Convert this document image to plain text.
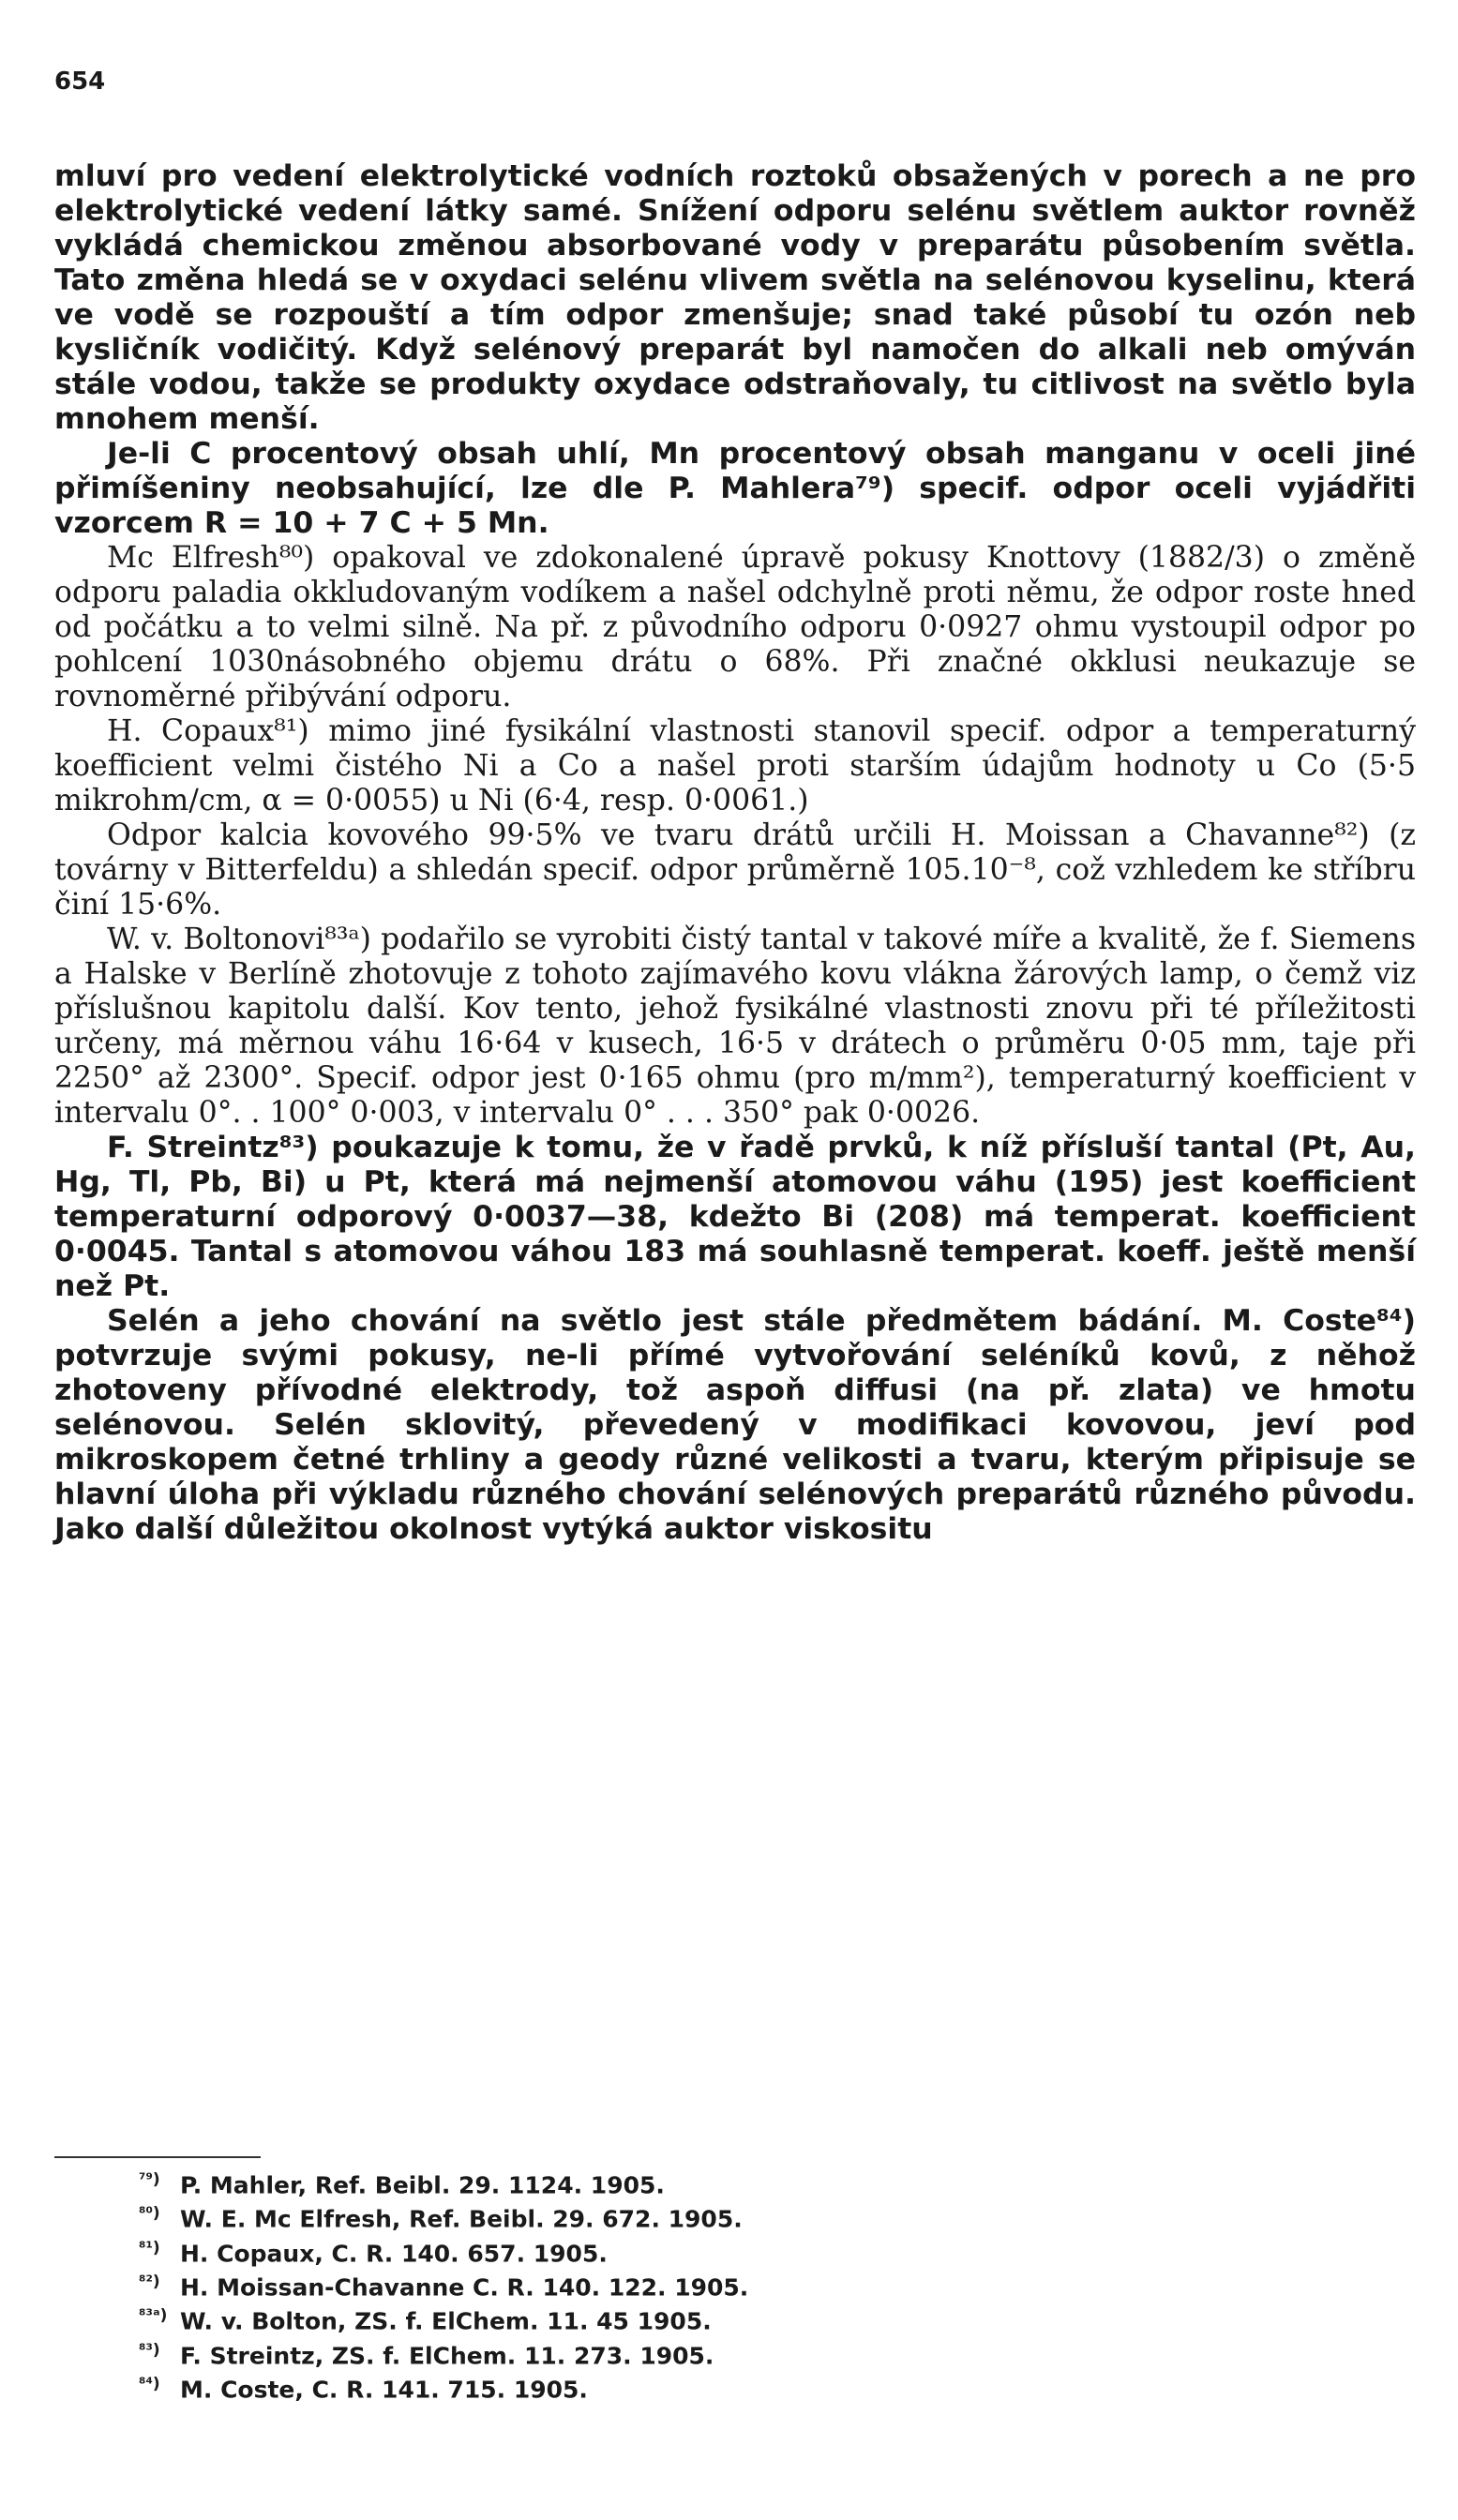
654

mluví pro vedení elektrolytické vodních roztoků obsažených v porech a ne pro elektrolytické vedení látky samé. Snížení odporu selénu světlem auktor rovněž vykládá chemickou změnou absorbované vody v preparátu působením světla. Tato změna hledá se v oxydaci selénu vlivem světla na selénovou kyselinu, která ve vodě se rozpouští a tím odpor zmenšuje; snad také působí tu ozón neb kysličník vodičitý. Když selénový preparát byl namočen do alkali neb omýván stále vodou, takže se produkty oxydace odstraňovaly, tu citlivost na světlo byla mnohem menší.

Je-li C procentový obsah uhlí, Mn procentový obsah manganu v oceli jiné přimíšeniny neobsahující, lze dle P. Mahlera⁷⁹) specif. odpor oceli vyjádřiti vzorcem R = 10 + 7 C + 5 Mn.

Mc Elfresh⁸⁰) opakoval ve zdokonalené úpravě pokusy Knottovy (1882/3) o změně odporu paladia okkludovaným vodíkem a našel odchylně proti němu, že odpor roste hned od počátku a to velmi silně. Na př. z původního odporu 0·0927 ohmu vystoupil odpor po pohlcení 1030násobného objemu drátu o 68%. Při značné okklusi neukazuje se rovnoměrné přibývání odporu.

H. Copaux⁸¹) mimo jiné fysikální vlastnosti stanovil specif. odpor a temperaturný koefficient velmi čistého Ni a Co a našel proti starším údajům hodnoty u Co (5·5 mikrohm/cm, α = 0·0055) u Ni (6·4, resp. 0·0061.)

Odpor kalcia kovového 99·5% ve tvaru drátů určili H. Moissan a Chavanne⁸²) (z továrny v Bitterfeldu) a shledán specif. odpor průměrně 105.10⁻⁸, což vzhledem ke stříbru činí 15·6%.

W. v. Boltonovi⁸³ᵃ) podařilo se vyrobiti čistý tantal v takové míře a kvalitě, že f. Siemens a Halske v Berlíně zhotovuje z tohoto zajímavého kovu vlákna žárových lamp, o čemž viz příslušnou kapitolu další. Kov tento, jehož fysikálné vlastnosti znovu při té příležitosti určeny, má měrnou váhu 16·64 v kusech, 16·5 v drátech o průměru 0·05 mm, taje při 2250° až 2300°. Specif. odpor jest 0·165 ohmu (pro m/mm²), temperaturný koefficient v intervalu 0°. . 100° 0·003, v intervalu 0° . . . 350° pak 0·0026.

F. Streintz⁸³) poukazuje k tomu, že v řadě prvků, k níž přísluší tantal (Pt, Au, Hg, Tl, Pb, Bi) u Pt, která má nejmenší atomovou váhu (195) jest koefficient temperaturní odporový 0·0037—38, kdežto Bi (208) má temperat. koefficient 0·0045. Tantal s atomovou váhou 183 má souhlasně temperat. koeff. ještě menší než Pt.

Selén a jeho chování na světlo jest stále předmětem bádání. M. Coste⁸⁴) potvrzuje svými pokusy, ne-li přímé vytvořování seléníků kovů, z něhož zhotoveny přívodné elektrody, tož aspoň diffusi (na př. zlata) ve hmotu selénovou. Selén sklovitý, převedený v modifikaci kovovou, jeví pod mikroskopem četné trhliny a geody různé velikosti a tvaru, kterým připisuje se hlavní úloha při výkladu různého chování selénových preparátů různého původu. Jako další důležitou okolnost vytýká auktor viskositu

⁷⁹) P. Mahler, Ref. Beibl. 29. 1124. 1905.
⁸⁰) W. E. Mc Elfresh, Ref. Beibl. 29. 672. 1905.
⁸¹) H. Copaux, C. R. 140. 657. 1905.
⁸²) H. Moissan-Chavanne C. R. 140. 122. 1905.
⁸³ᵃ) W. v. Bolton, ZS. f. ElChem. 11. 45 1905.
⁸³) F. Streintz, ZS. f. ElChem. 11. 273. 1905.
⁸⁴) M. Coste, C. R. 141. 715. 1905.
